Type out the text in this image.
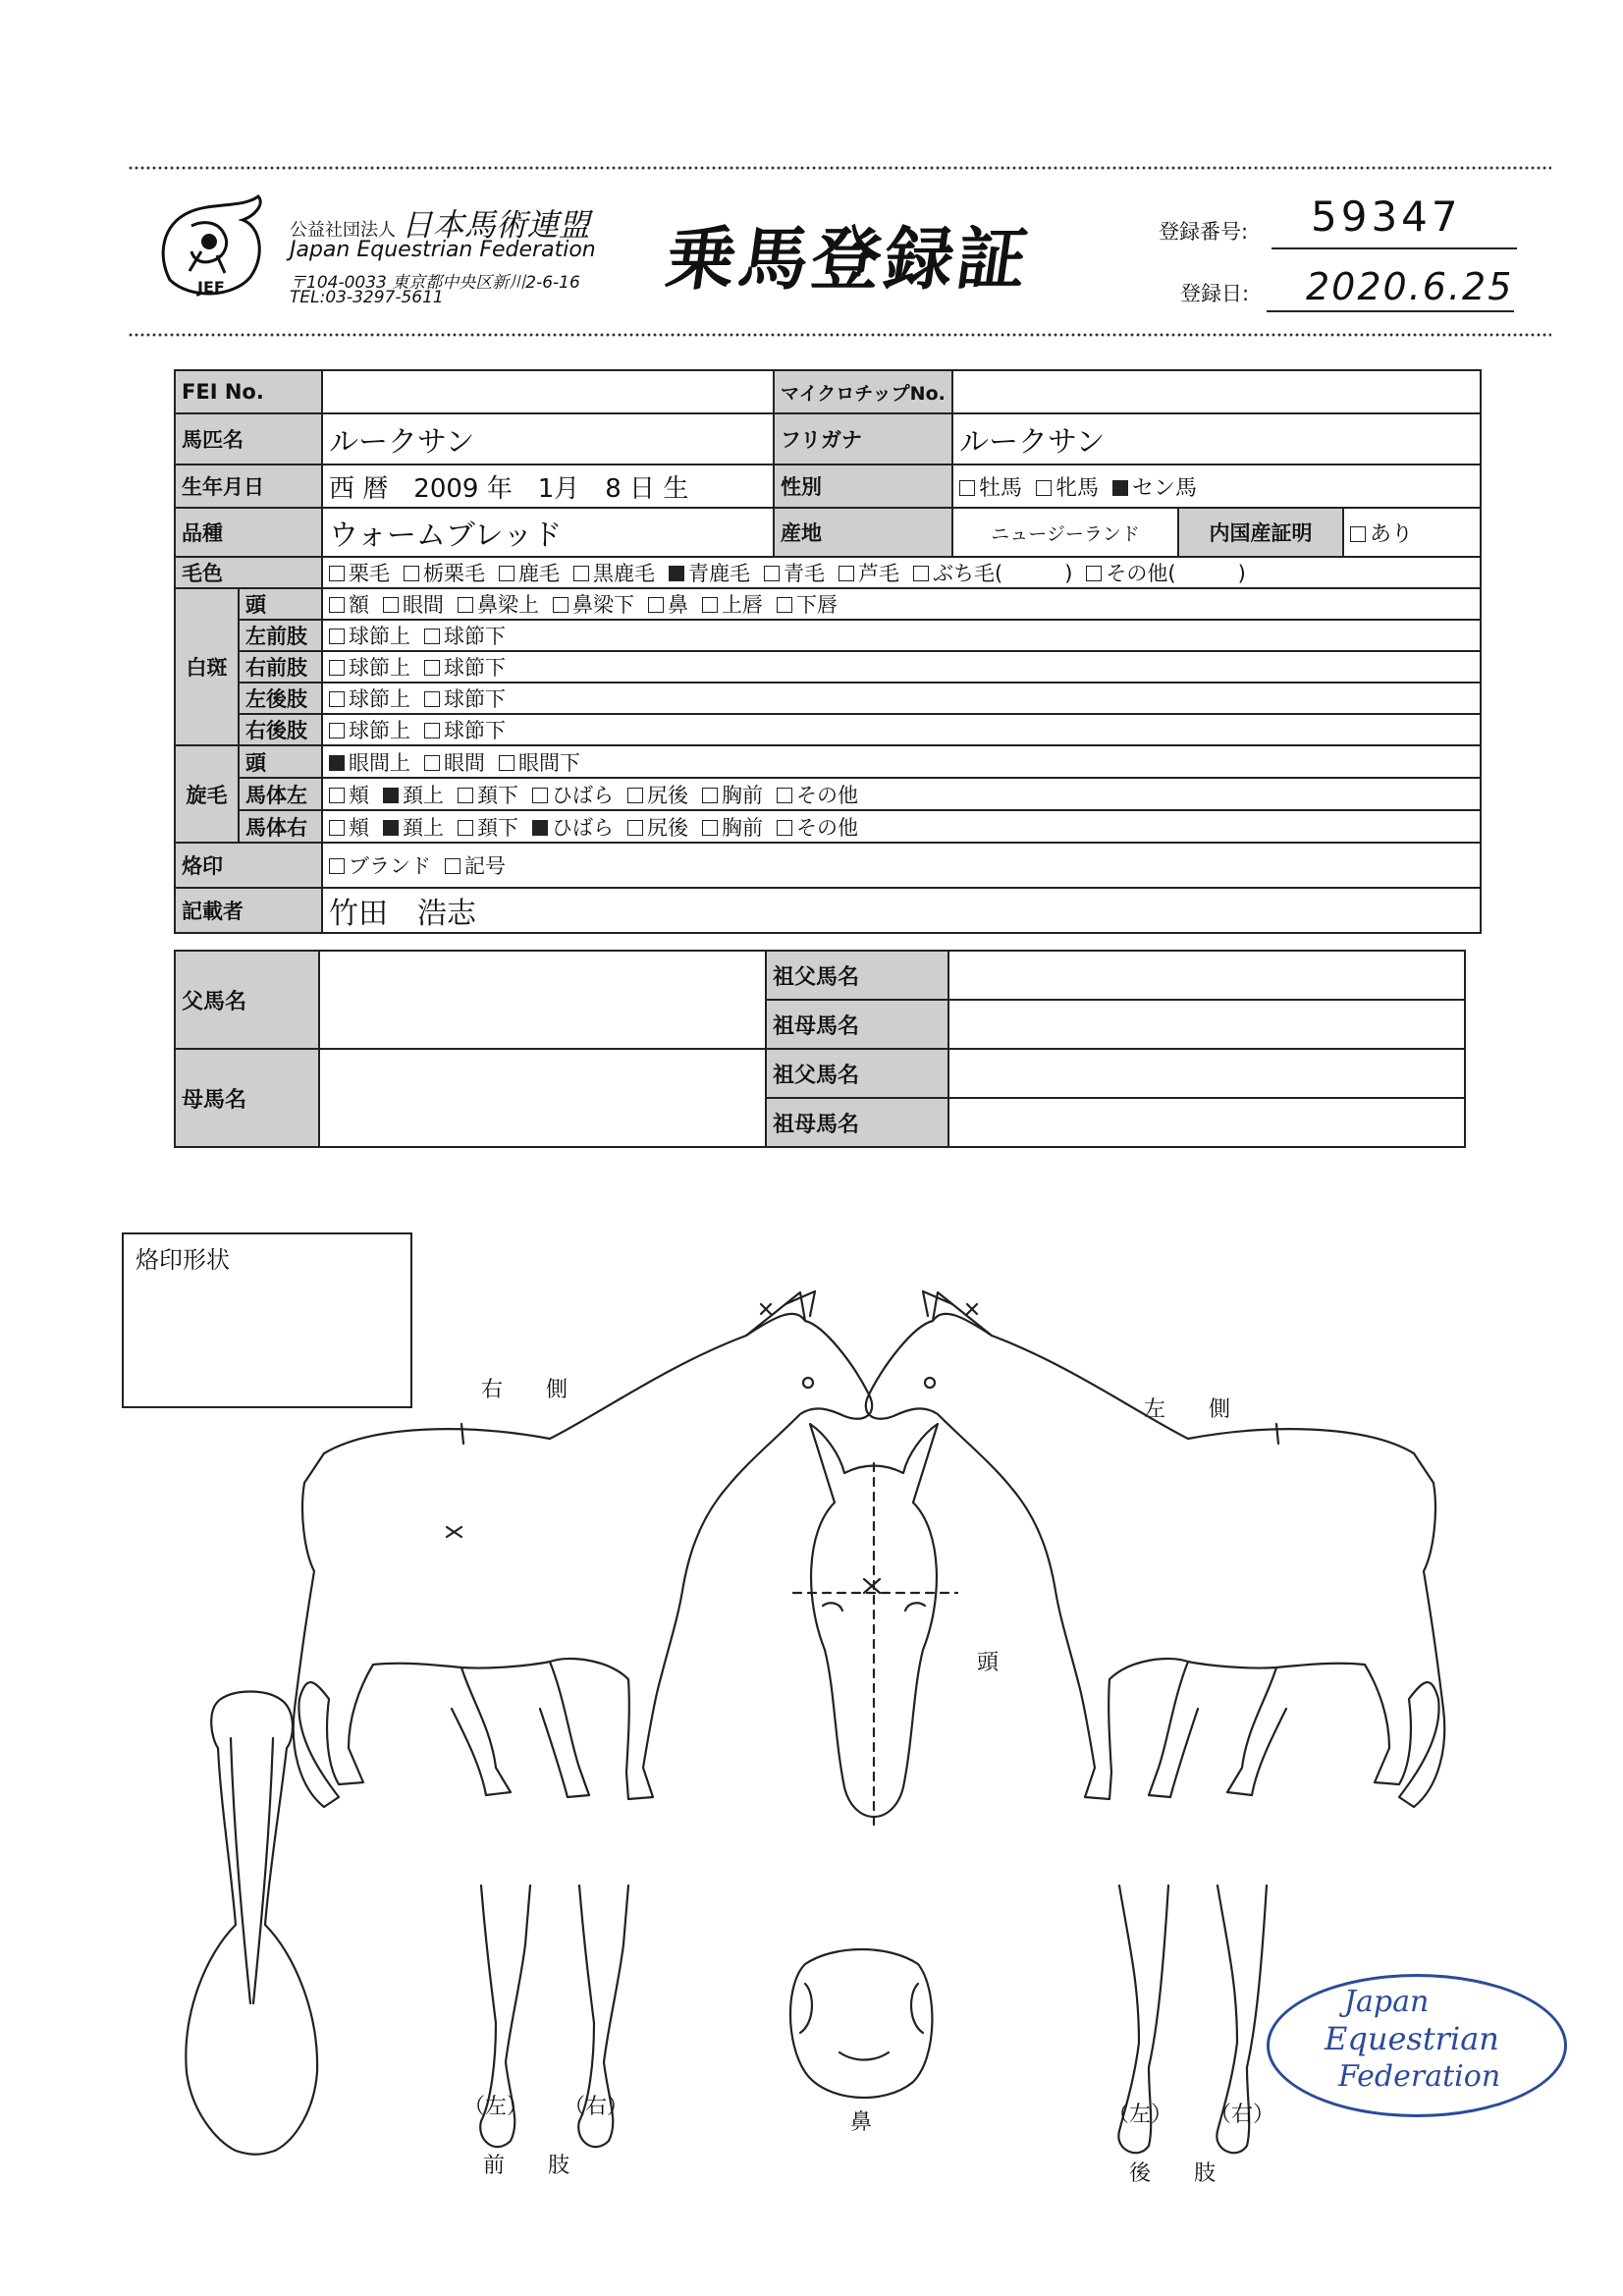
JEF
公益社団法人 日本馬術連盟
Japan Equestrian Federation
〒104-0033 東京都中央区新川2-6-16
TEL:03-3297-5611	乗馬登録証	登録番号: 59347
登録日: 2020.6.25
FEI No.			マイクロチップNo.			
馬匹名		ルークサン	フリガナ	ルークサン		
生年月日		西 暦　2009 年　1月　8 日 生	性別	牡馬 牝馬 セン馬		
品種		ウォームブレッド	産地	ニュージーランド	内国産証明	あり
毛色		栗毛 栃栗毛 鹿毛 黒鹿毛 青鹿毛 青毛 芦毛 ぶち毛(　　　) その他(　　　)				
白斑	頭	額 眼間 鼻梁上 鼻梁下 鼻 上唇 下唇				
	左前肢	球節上 球節下				
	右前肢	球節上 球節下				
	左後肢	球節上 球節下				
	右後肢	球節上 球節下				
旋毛	頭	眼間上 眼間 眼間下				
	馬体左	頬 頚上 頚下 ひばら 尻後 胸前 その他				
	馬体右	頬 頚上 頚下 ひばら 尻後 胸前 その他				
烙印		ブランド 記号				
記載者		竹田　浩志				
父馬名		祖父馬名	
		祖母馬名	
母馬名		祖父馬名	
		祖母馬名	
烙印形状
右　　側
左　　側
頭
（左） （右）
前　　肢
鼻	（左） （右）
後　　肢
Japan
Equestrian
Federation
